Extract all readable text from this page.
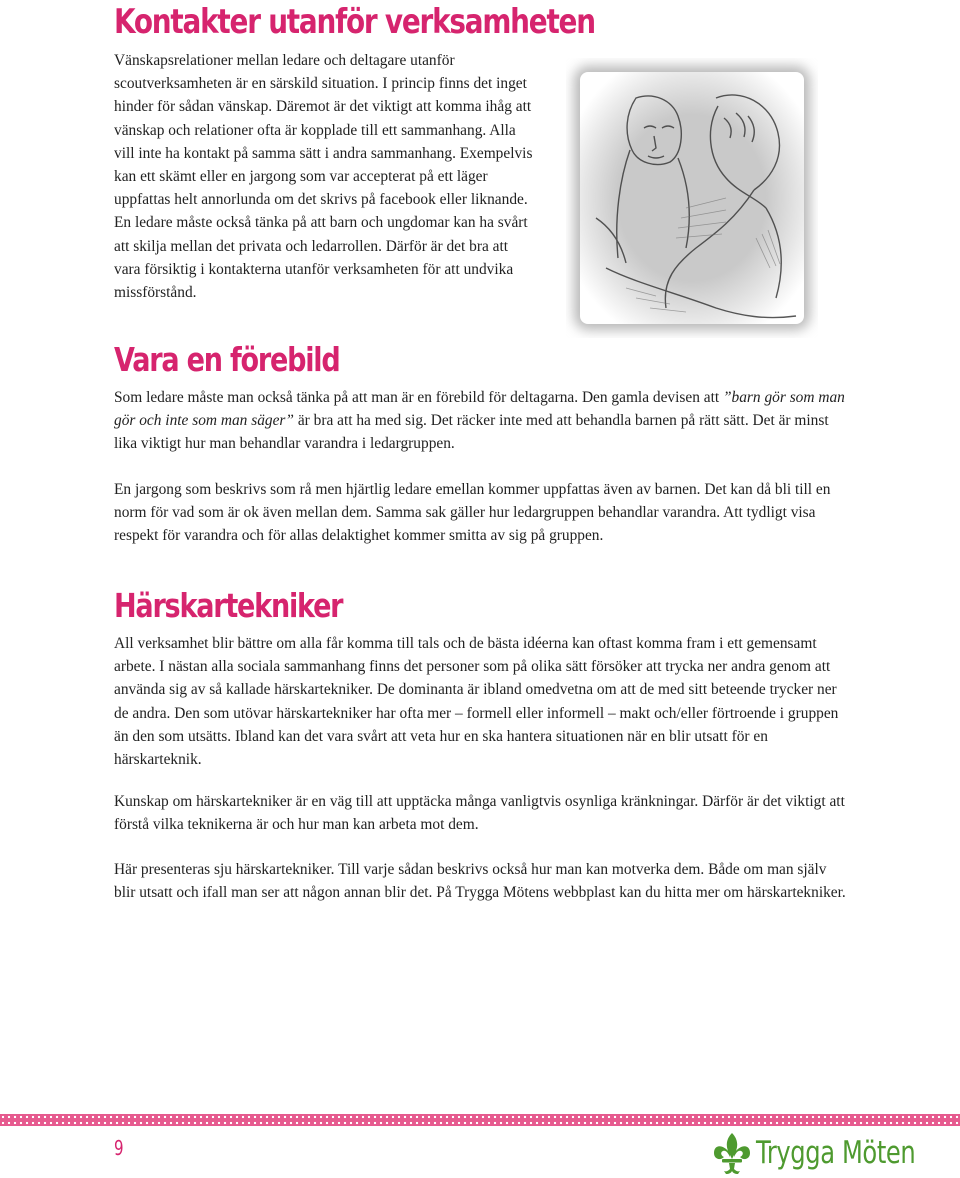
Kontakter utanför verksamheten

Vänskapsrelationer mellan ledare och deltagare utanför scoutverksamheten är en särskild situation. I princip finns det inget hinder för sådan vänskap. Däremot är det viktigt att komma ihåg att vänskap och relationer ofta är kopplade till ett sammanhang. Alla vill inte ha kontakt på samma sätt i andra sammanhang. Exempelvis kan ett skämt eller en jargong som var accepterat på ett läger uppfattas helt annorlunda om det skrivs på facebook eller liknande. En ledare måste också tänka på att barn och ungdomar kan ha svårt att skilja mellan det privata och ledarrollen. Därför är det bra att vara försiktig i kontakterna utanför verksamheten för att undvika missförstånd.

Vara en förebild

Som ledare måste man också tänka på att man är en förebild för deltagarna. Den gamla devisen att ”barn gör som man gör och inte som man säger” är bra att ha med sig. Det räcker inte med att behandla barnen på rätt sätt. Det är minst lika viktigt hur man behandlar varandra i ledargruppen.

En jargong som beskrivs som rå men hjärtlig ledare emellan kommer uppfattas även av barnen. Det kan då bli till en norm för vad som är ok även mellan dem. Samma sak gäller hur ledargruppen behandlar varandra. Att tydligt visa respekt för varandra och för allas delaktighet kommer smitta av sig på gruppen.

Härskartekniker

All verksamhet blir bättre om alla får komma till tals och de bästa idéerna kan oftast komma fram i ett gemensamt arbete. I nästan alla sociala sammanhang finns det personer som på olika sätt försöker att trycka ner andra genom att använda sig av så kallade härskartekniker. De dominanta är ibland omedvetna om att de med sitt beteende trycker ner de andra. Den som utövar härskartekniker har ofta mer – formell eller informell – makt och/eller förtroende i gruppen än den som utsätts. Ibland kan det vara svårt att veta hur en ska hantera situationen när en blir utsatt för en härskarteknik.

Kunskap om härskartekniker är en väg till att upptäcka många vanligtvis osynliga kränkningar. Därför är det viktigt att förstå vilka teknikerna är och hur man kan arbeta mot dem.

Här presenteras sju härskartekniker. Till varje sådan beskrivs också hur man kan motverka dem. Både om man själv blir utsatt och ifall man ser att någon annan blir det. På Trygga Mötens webbplast kan du hitta mer om härskartekniker.

9	Trygga Möten
